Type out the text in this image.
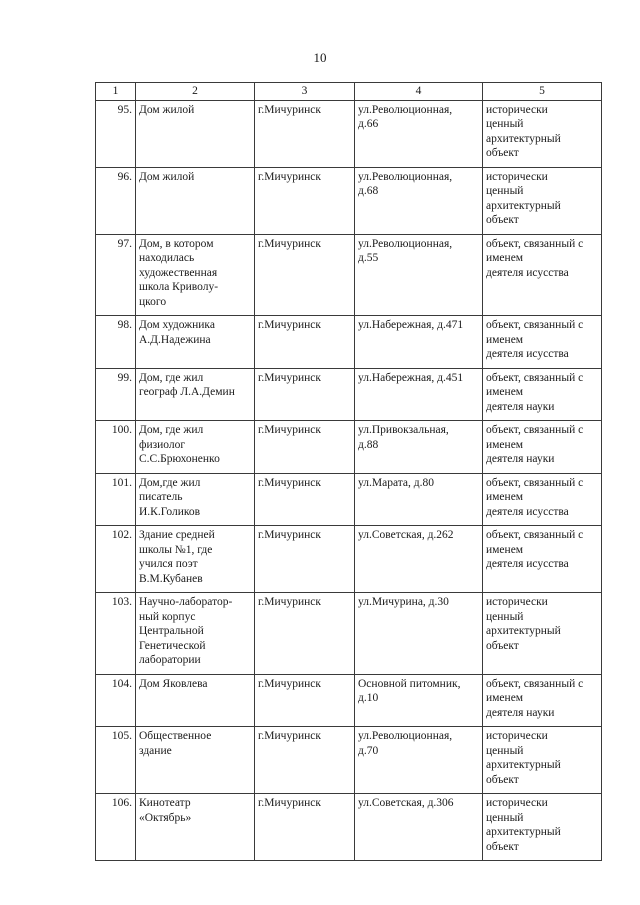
10
1	2	3	4	5
95.	Дом жилой	г.Мичуринск	ул.Революционная,
д.66	исторически
ценный
архитектурный
объект
96.	Дом жилой	г.Мичуринск	ул.Революционная,
д.68	исторически
ценный
архитектурный
объект
97.	Дом, в котором
находилась
художественная
школа Криволу-
цкого	г.Мичуринск	ул.Революционная,
д.55	объект, связанный с
именем
деятеля исусства
98.	Дом художника
А.Д.Надежина	г.Мичуринск	ул.Набережная, д.471	объект, связанный с
именем
деятеля исусства
99.	Дом, где жил
географ Л.А.Демин	г.Мичуринск	ул.Набережная, д.451	объект, связанный с
именем
деятеля науки
100.	Дом, где жил
физиолог
С.С.Брюхоненко	г.Мичуринск	ул.Привокзальная,
д.88	объект, связанный с
именем
деятеля науки
101.	Дом,где жил
писатель
И.К.Голиков	г.Мичуринск	ул.Марата, д.80	объект, связанный с
именем
деятеля исусства
102.	Здание средней
школы №1, где
учился поэт
В.М.Кубанев	г.Мичуринск	ул.Советская, д.262	объект, связанный с
именем
деятеля исусства
103.	Научно-лаборатор-
ный корпус
Центральной
Генетической
лаборатории	г.Мичуринск	ул.Мичурина, д.30	исторически
ценный
архитектурный
объект
104.	Дом Яковлева	г.Мичуринск	Основной питомник,
д.10	объект, связанный с
именем
деятеля науки
105.	Общественное
здание	г.Мичуринск	ул.Революционная,
д.70	исторически
ценный
архитектурный
объект
106.	Кинотеатр
«Октябрь»	г.Мичуринск	ул.Советская, д.306	исторически
ценный
архитектурный
объект
